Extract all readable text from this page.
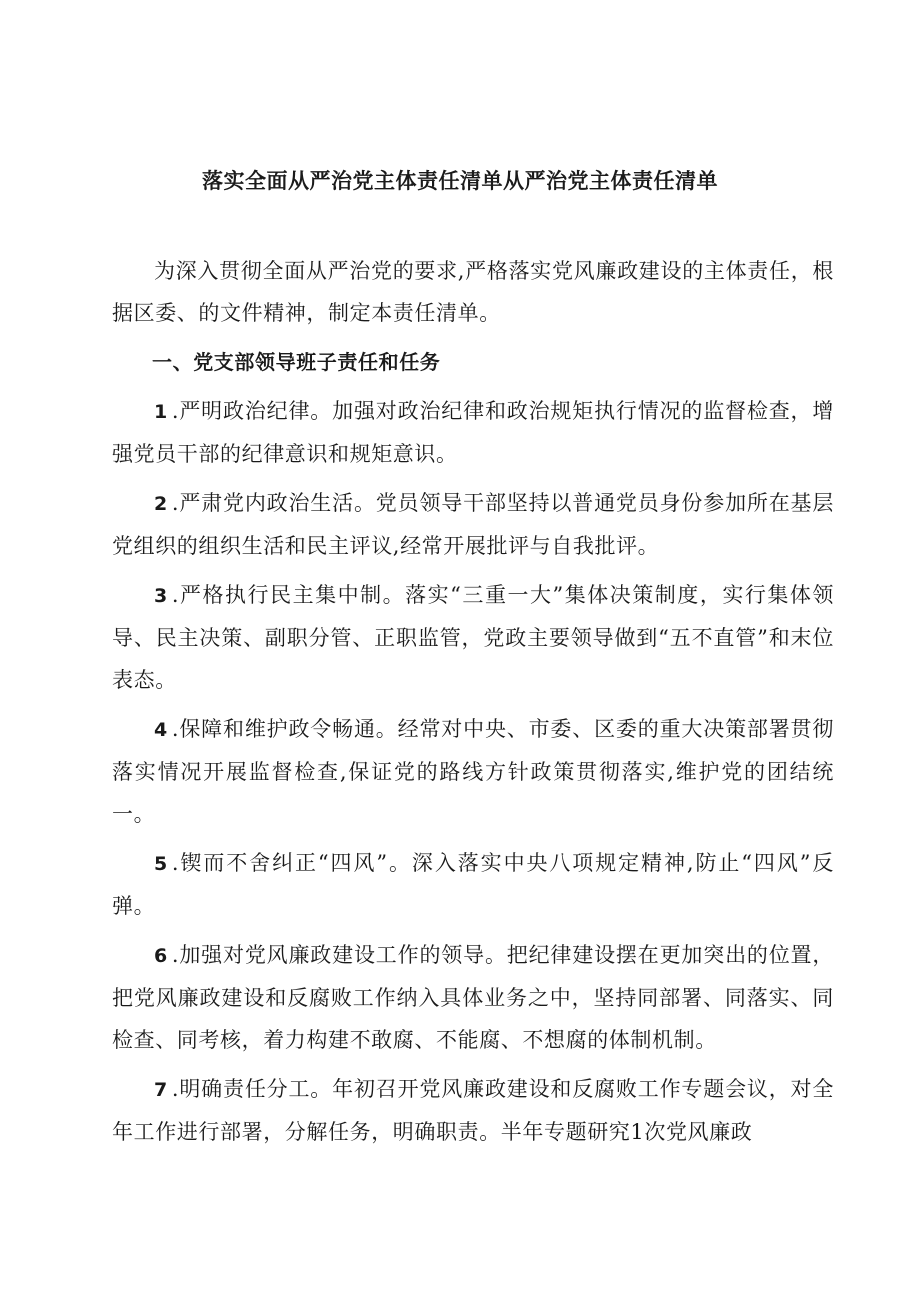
落实全面从严治党主体责任清单从严治党主体责任清单

为深入贯彻全面从严治党的要求,严格落实党风廉政建设的主体责任，根据区委、的文件精神，制定本责任清单。

一、党支部领导班子责任和任务

1 .严明政治纪律。加强对政治纪律和政治规矩执行情况的监督检查，增强党员干部的纪律意识和规矩意识。

2 .严肃党内政治生活。党员领导干部坚持以普通党员身份参加所在基层党组织的组织生活和民主评议,经常开展批评与自我批评。

3 .严格执行民主集中制。落实“三重一大”集体决策制度，实行集体领导、民主决策、副职分管、正职监管，党政主要领导做到“五不直管”和末位表态。

4 .保障和维护政令畅通。经常对中央、市委、区委的重大决策部署贯彻落实情况开展监督检查,保证党的路线方针政策贯彻落实,维护党的团结统一。

5 .锲而不舍纠正“四风”。深入落实中央八项规定精神,防止“四风”反弹。

6 .加强对党风廉政建设工作的领导。把纪律建设摆在更加突出的位置，把党风廉政建设和反腐败工作纳入具体业务之中，坚持同部署、同落实、同检查、同考核，着力构建不敢腐、不能腐、不想腐的体制机制。

7 .明确责任分工。年初召开党风廉政建设和反腐败工作专题会议，对全年工作进行部署，分解任务，明确职责。半年专题研究1次党风廉政
